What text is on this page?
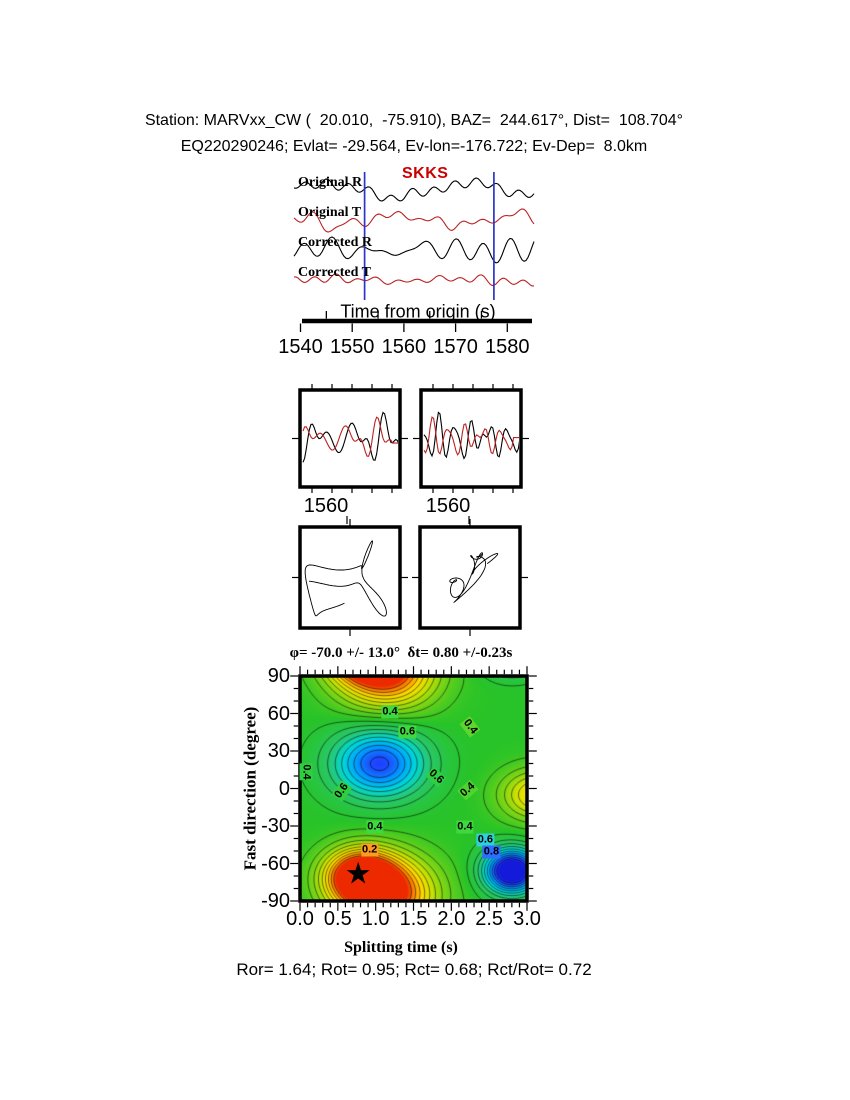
Station: MARVxx_CW (  20.010,  -75.910), BAZ=  244.617°, Dist=  108.704°
EQ220290246; Evlat= -29.564, Ev-lon=-176.722; Ev-Dep=  8.0km
SKKS
Original R
Original T
Corrected R
Corrected T
1540 1550 1560 1570 1580
Time from origin (s)
1560	1560
φ= -70.0 +/- 13.0°  δt= 0.80 +/-0.23s
Fast direction (degree)
★
Splitting time (s)
90
60
30
0
-30
-60
-90
0.0 0.5 1.0 1.5 2.0 2.5 3.0
0.4
0.6	0.4
0.4
0.6
0.6
0.4
0.4
0.2
0.4
0.6
0.8
Ror= 1.64; Rot= 0.95; Rct= 0.68; Rct/Rot= 0.72
